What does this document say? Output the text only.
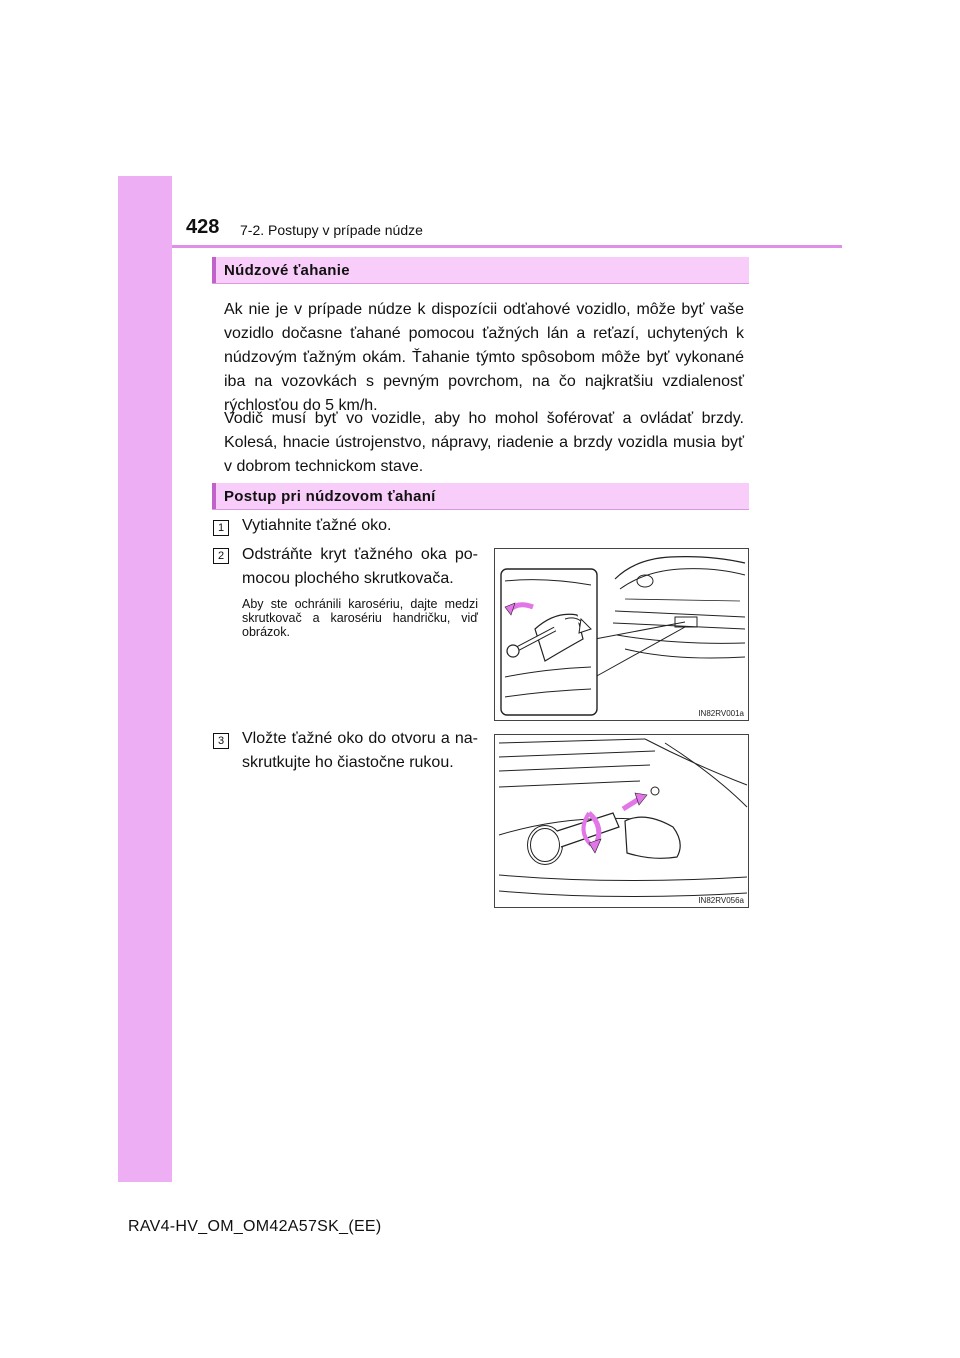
428 7-2. Postupy v prípade núdze
Núdzové ťahanie
Ak nie je v prípade núdze k dispozícii odťahové vozidlo, môže byť vaše vozidlo dočasne ťahané pomocou ťažných lán a reťazí, uchytených k núdzovým ťažným okám. Ťahanie týmto spôsobom môže byť vykonané iba na vozovkách s pevným povrchom, na čo najkratšiu vzdialenosť rýchlosťou do 5 km/h.
Vodič musí byť vo vozidle, aby ho mohol šoférovať a ovládať brzdy. Kolesá, hnacie ústrojenstvo, nápravy, riadenie a brzdy vozidla musia byť v dobrom technickom stave.
Postup pri núdzovom ťahaní
1	Vytiahnite ťažné oko.
2	Odstráňte kryt ťažného oka pomocou plochého skrutkovača.
Aby ste ochránili karosériu, dajte medzi skrutkovač a karosériu handričku, viď obrázok.
3	Vložte ťažné oko do otvoru a naskrutkujte ho čiastočne rukou.
IN82RV001a
IN82RV056a
RAV4-HV_OM_OM42A57SK_(EE)
